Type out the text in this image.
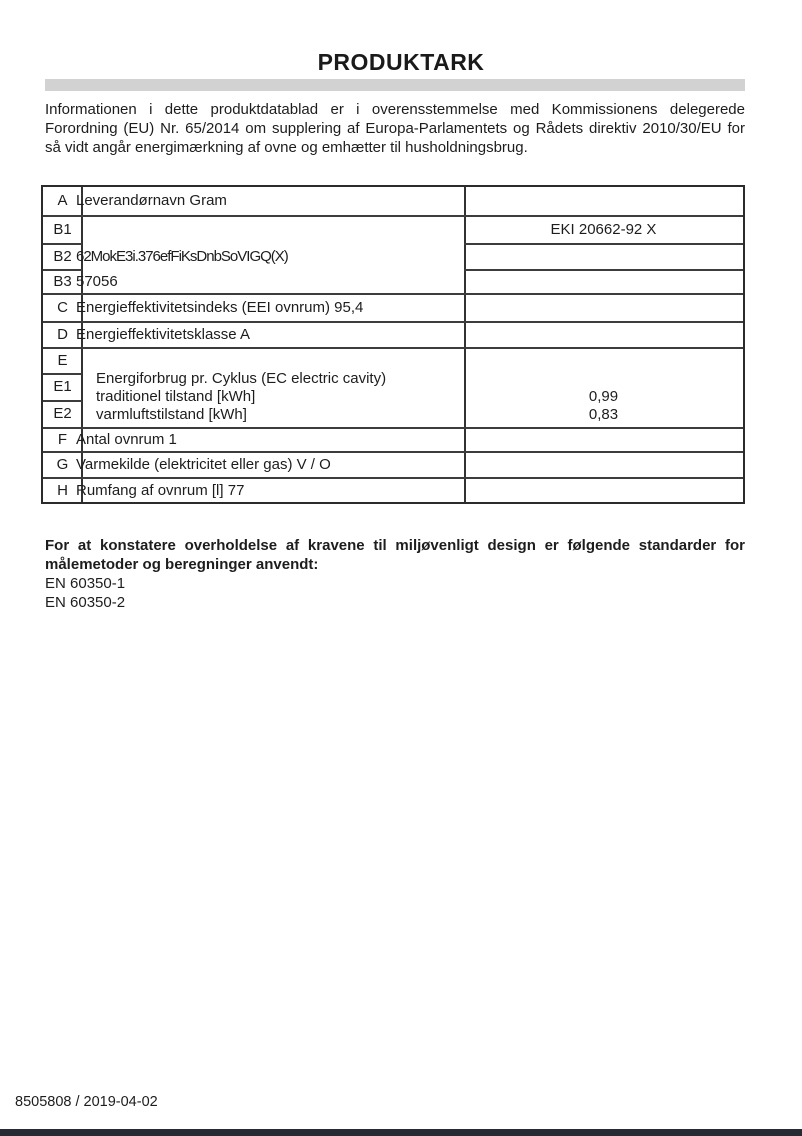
PRODUKTARK
Informationen i dette produktdatablad er i overensstemmelse med Kommissionens delegerede
Forordning (EU) Nr. 65/2014 om supplering af Europa-Parlamentets og Rådets direktiv 2010/30/EU for
så vidt angår energimærkning af ovne og emhætter til husholdningsbrug.
A
B1
B2
B3
C
D
E
E1
E2
F
G
H
Leverandørnavn Gram
62MokE3i.376efFiKsDnbSoVIGQ(X)
57056
Energieffektivitetsindeks (EEI ovnrum) 95,4
Energieffektivitetsklasse A
Energiforbrug pr. Cyklus (EC electric cavity)
traditionel tilstand [kWh]
varmluftstilstand [kWh]
Antal ovnrum 1
Varmekilde (elektricitet eller gas) V / O
Rumfang af ovnrum [l] 77
EKI 20662-92 X
0,99
0,83
For at konstatere overholdelse af kravene til miljøvenligt design er følgende standarder for
målemetoder og beregninger anvendt:
EN 60350-1
EN 60350-2
8505808 / 2019-04-02
